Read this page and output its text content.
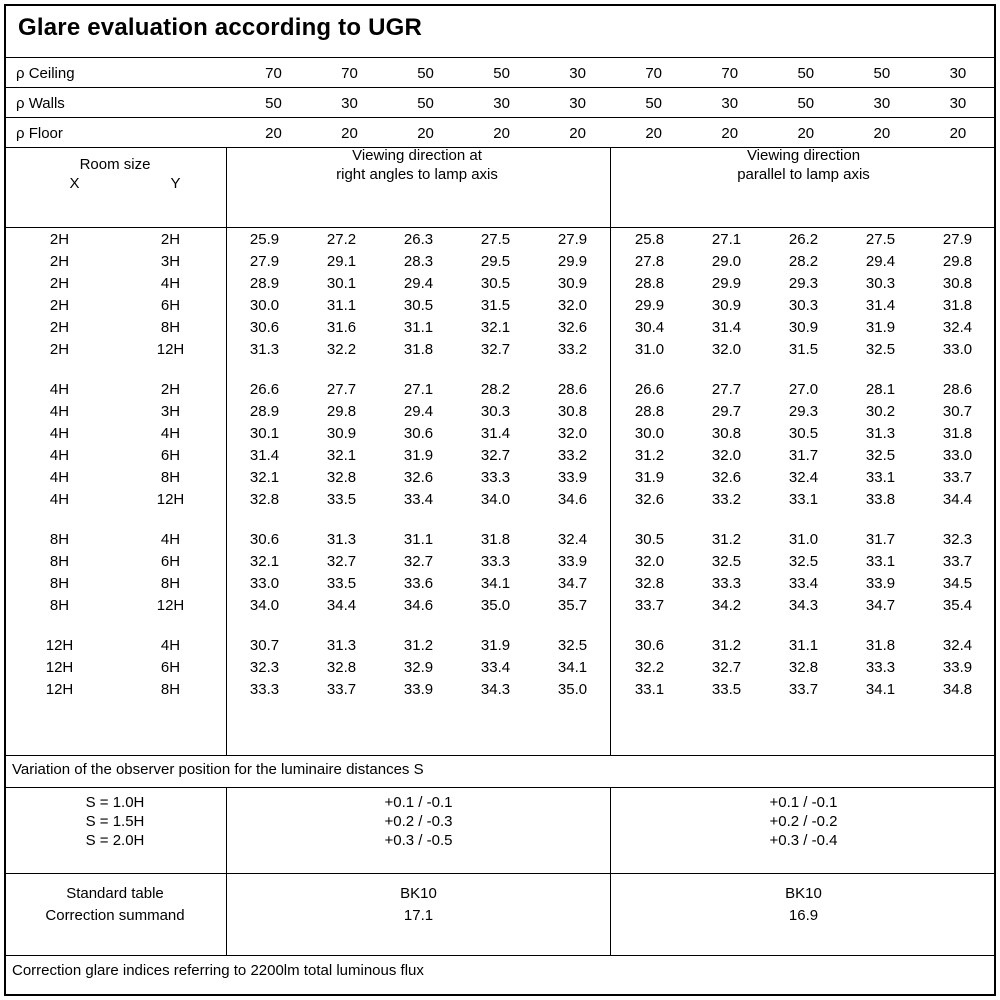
Glare evaluation according to UGR
ρ Ceiling	70	70	50	50	30	70	70	50	50	30
ρ Walls	50	30	50	30	30	50	30	50	30	30
ρ Floor	20	20	20	20	20	20	20	20	20	20
Room size
X	Y
Viewing direction at
right angles to lamp axis
Viewing direction
parallel to lamp axis
2H	2H	25.9	27.2	26.3	27.5	27.9	25.8	27.1	26.2	27.5	27.9
2H	3H	27.9	29.1	28.3	29.5	29.9	27.8	29.0	28.2	29.4	29.8
2H	4H	28.9	30.1	29.4	30.5	30.9	28.8	29.9	29.3	30.3	30.8
2H	6H	30.0	31.1	30.5	31.5	32.0	29.9	30.9	30.3	31.4	31.8
2H	8H	30.6	31.6	31.1	32.1	32.6	30.4	31.4	30.9	31.9	32.4
2H	12H	31.3	32.2	31.8	32.7	33.2	31.0	32.0	31.5	32.5	33.0

4H	2H	26.6	27.7	27.1	28.2	28.6	26.6	27.7	27.0	28.1	28.6
4H	3H	28.9	29.8	29.4	30.3	30.8	28.8	29.7	29.3	30.2	30.7
4H	4H	30.1	30.9	30.6	31.4	32.0	30.0	30.8	30.5	31.3	31.8
4H	6H	31.4	32.1	31.9	32.7	33.2	31.2	32.0	31.7	32.5	33.0
4H	8H	32.1	32.8	32.6	33.3	33.9	31.9	32.6	32.4	33.1	33.7
4H	12H	32.8	33.5	33.4	34.0	34.6	32.6	33.2	33.1	33.8	34.4

8H	4H	30.6	31.3	31.1	31.8	32.4	30.5	31.2	31.0	31.7	32.3
8H	6H	32.1	32.7	32.7	33.3	33.9	32.0	32.5	32.5	33.1	33.7
8H	8H	33.0	33.5	33.6	34.1	34.7	32.8	33.3	33.4	33.9	34.5
8H	12H	34.0	34.4	34.6	35.0	35.7	33.7	34.2	34.3	34.7	35.4

12H	4H	30.7	31.3	31.2	31.9	32.5	30.6	31.2	31.1	31.8	32.4
12H	6H	32.3	32.8	32.9	33.4	34.1	32.2	32.7	32.8	33.3	33.9
12H	8H	33.3	33.7	33.9	34.3	35.0	33.1	33.5	33.7	34.1	34.8
Variation of the observer position for the luminaire distances S
S = 1.0H	+0.1 / -0.1	+0.1 / -0.1
S = 1.5H	+0.2 / -0.3	+0.2 / -0.2
S = 2.0H	+0.3 / -0.5	+0.3 / -0.4
Standard table	BK10	BK10
Correction summand	17.1	16.9
Correction glare indices referring to 2200lm total luminous flux
